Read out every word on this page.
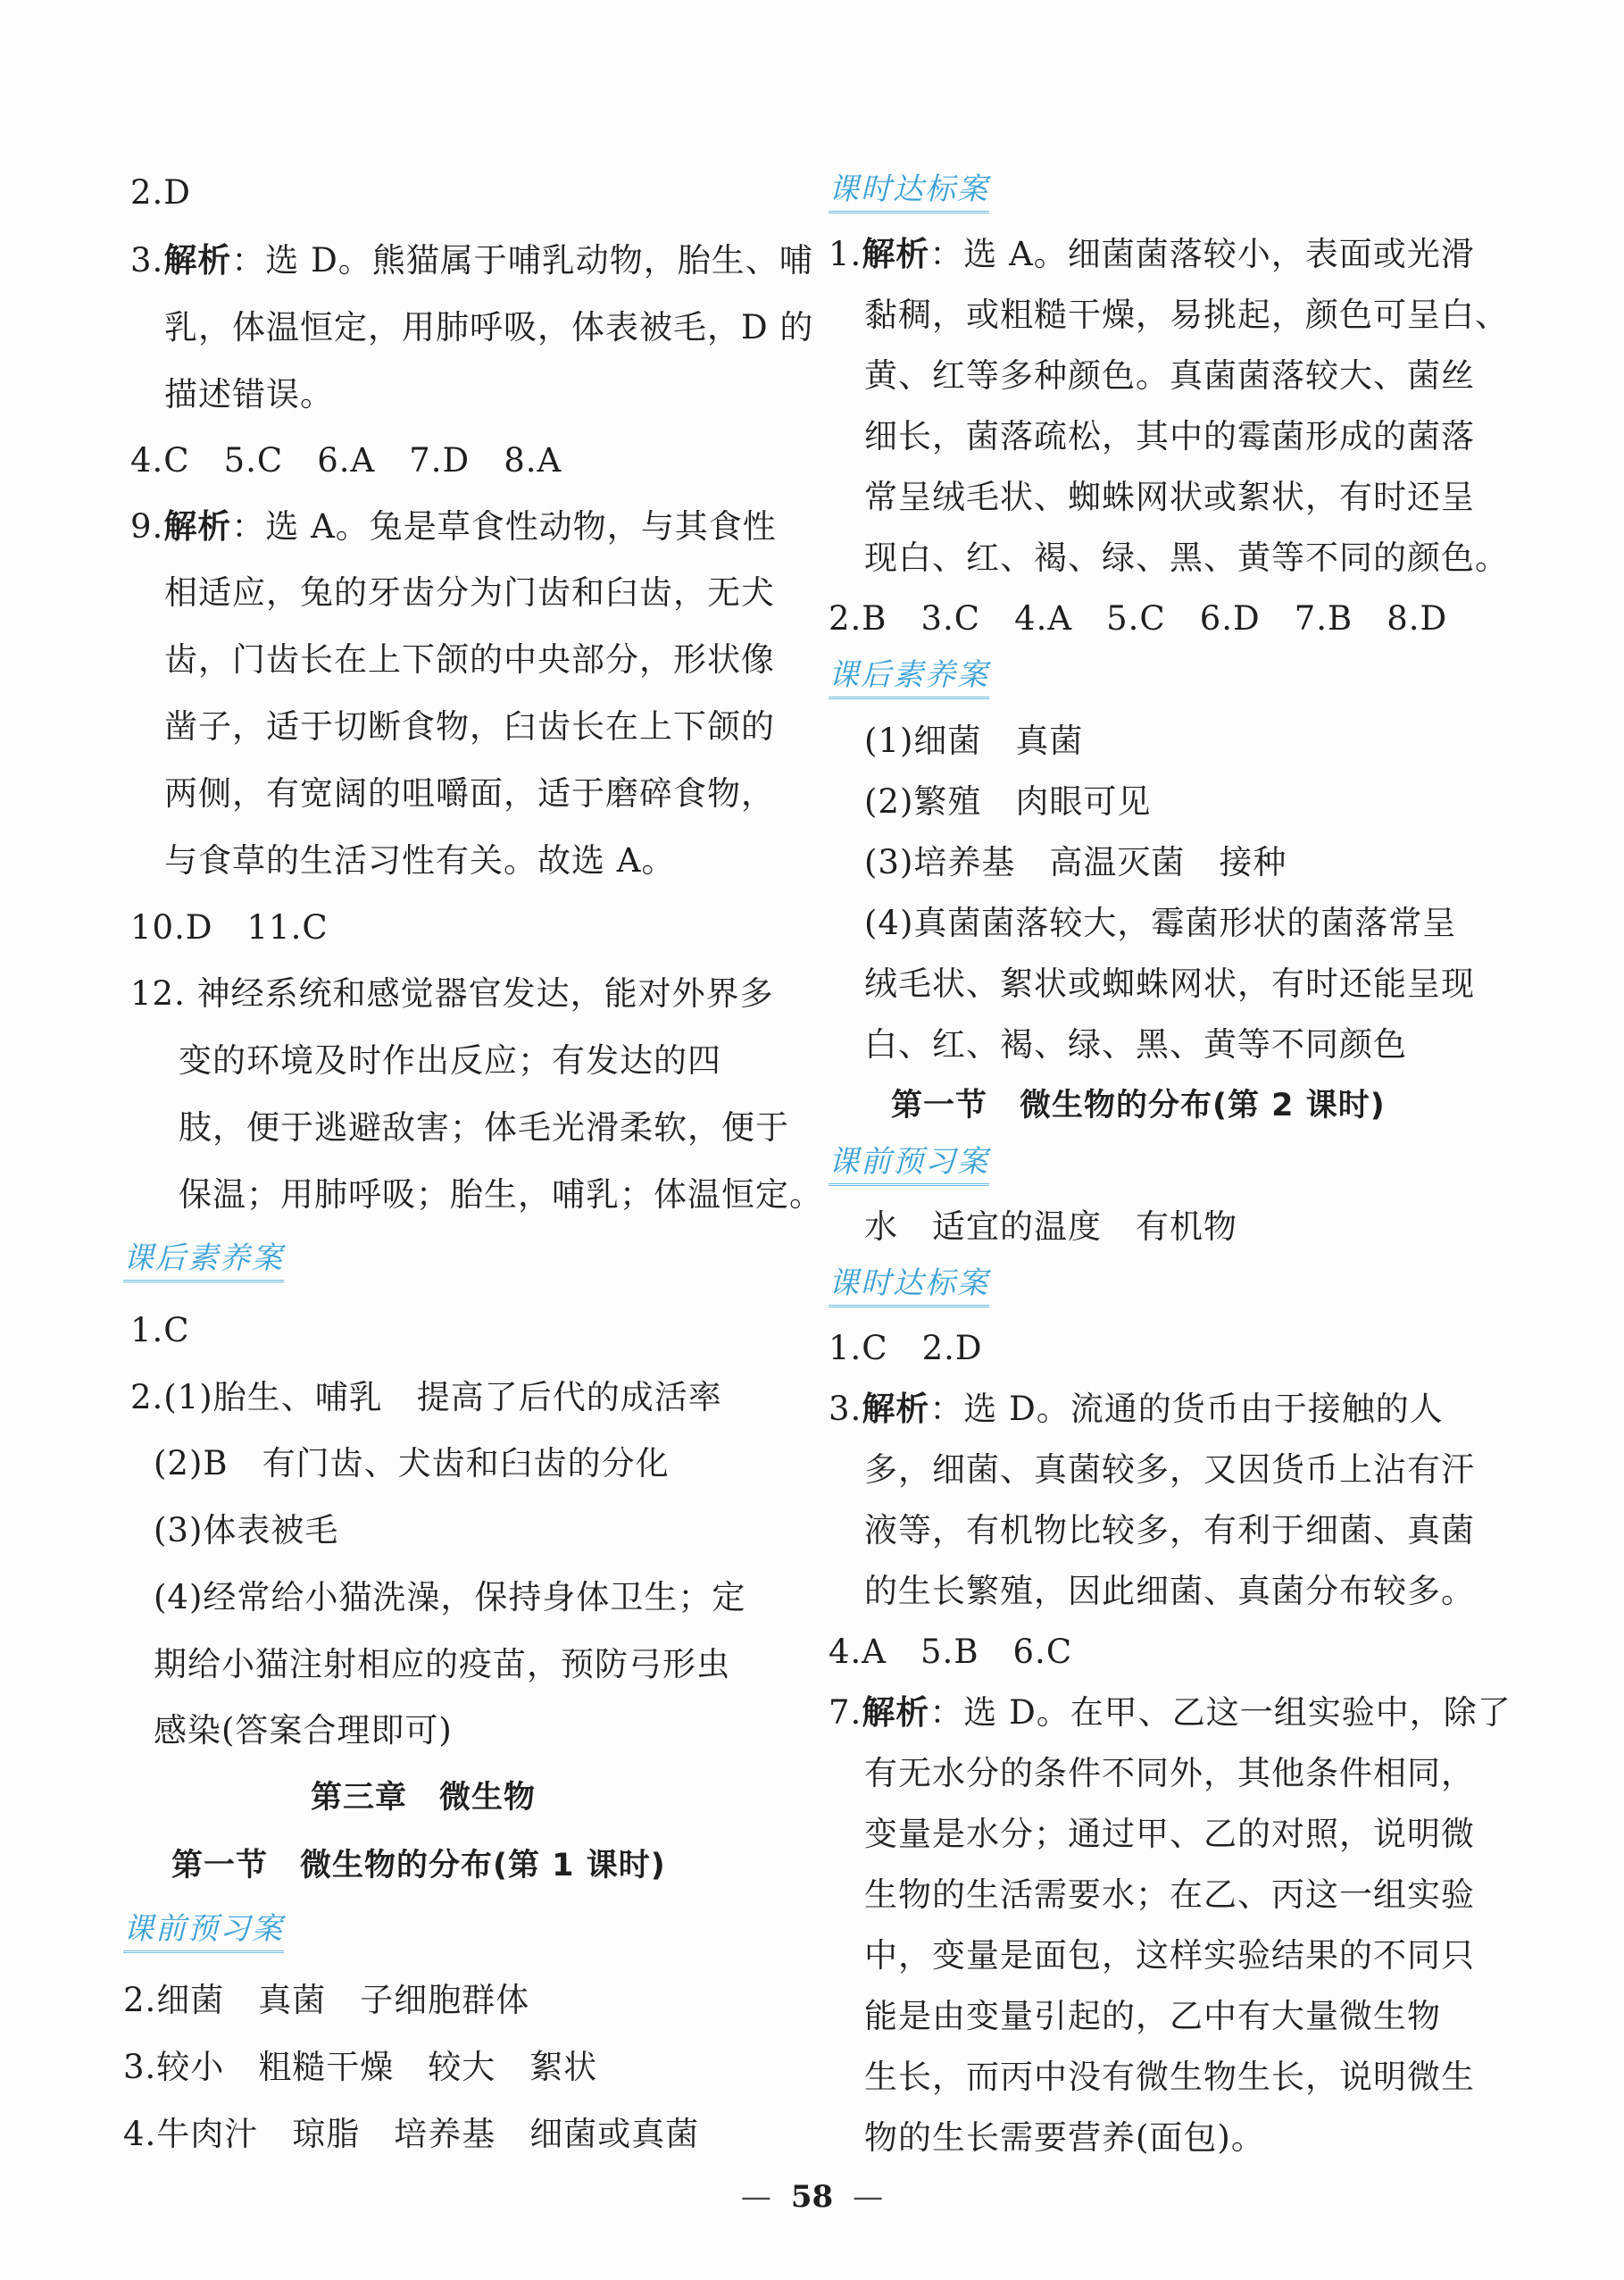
2.D
3.解析：选 D。熊猫属于哺乳动物，胎生、哺
乳，体温恒定，用肺呼吸，体表被毛，D 的
描述错误。
4.C　5.C　6.A　7.D　8.A
9.解析：选 A。兔是草食性动物，与其食性
相适应，兔的牙齿分为门齿和臼齿，无犬
齿，门齿长在上下颌的中央部分，形状像
凿子，适于切断食物，臼齿长在上下颌的
两侧，有宽阔的咀嚼面，适于磨碎食物，
与食草的生活习性有关。故选 A。
10.D　11.C
12. 神经系统和感觉器官发达，能对外界多
变的环境及时作出反应；有发达的四
肢，便于逃避敌害；体毛光滑柔软，便于
保温；用肺呼吸；胎生，哺乳；体温恒定。
课后素养案
1.C
2.(1)胎生、哺乳　提高了后代的成活率
(2)B　有门齿、犬齿和臼齿的分化
(3)体表被毛
(4)经常给小猫洗澡，保持身体卫生；定
期给小猫注射相应的疫苗，预防弓形虫
感染(答案合理即可)
第三章　微生物
第一节　微生物的分布(第 1 课时)
课前预习案
2.细菌　真菌　子细胞群体
3.较小　粗糙干燥　较大　絮状
4.牛肉汁　琼脂　培养基　细菌或真菌
课时达标案
1.解析：选 A。细菌菌落较小，表面或光滑
黏稠，或粗糙干燥，易挑起，颜色可呈白、
黄、红等多种颜色。真菌菌落较大、菌丝
细长，菌落疏松，其中的霉菌形成的菌落
常呈绒毛状、蜘蛛网状或絮状，有时还呈
现白、红、褐、绿、黑、黄等不同的颜色。
2.B　3.C　4.A　5.C　6.D　7.B　8.D
课后素养案
(1)细菌　真菌
(2)繁殖　肉眼可见
(3)培养基　高温灭菌　接种
(4)真菌菌落较大，霉菌形状的菌落常呈
绒毛状、絮状或蜘蛛网状，有时还能呈现
白、红、褐、绿、黑、黄等不同颜色
第一节　微生物的分布(第 2 课时)
课前预习案
水　适宜的温度　有机物
课时达标案
1.C　2.D
3.解析：选 D。流通的货币由于接触的人
多，细菌、真菌较多，又因货币上沾有汗
液等，有机物比较多，有利于细菌、真菌
的生长繁殖，因此细菌、真菌分布较多。
4.A　5.B　6.C
7.解析：选 D。在甲、乙这一组实验中，除了
有无水分的条件不同外，其他条件相同，
变量是水分；通过甲、乙的对照，说明微
生物的生活需要水；在乙、丙这一组实验
中，变量是面包，这样实验结果的不同只
能是由变量引起的，乙中有大量微生物
生长，而丙中没有微生物生长，说明微生
物的生长需要营养(面包)。
— 58 —
